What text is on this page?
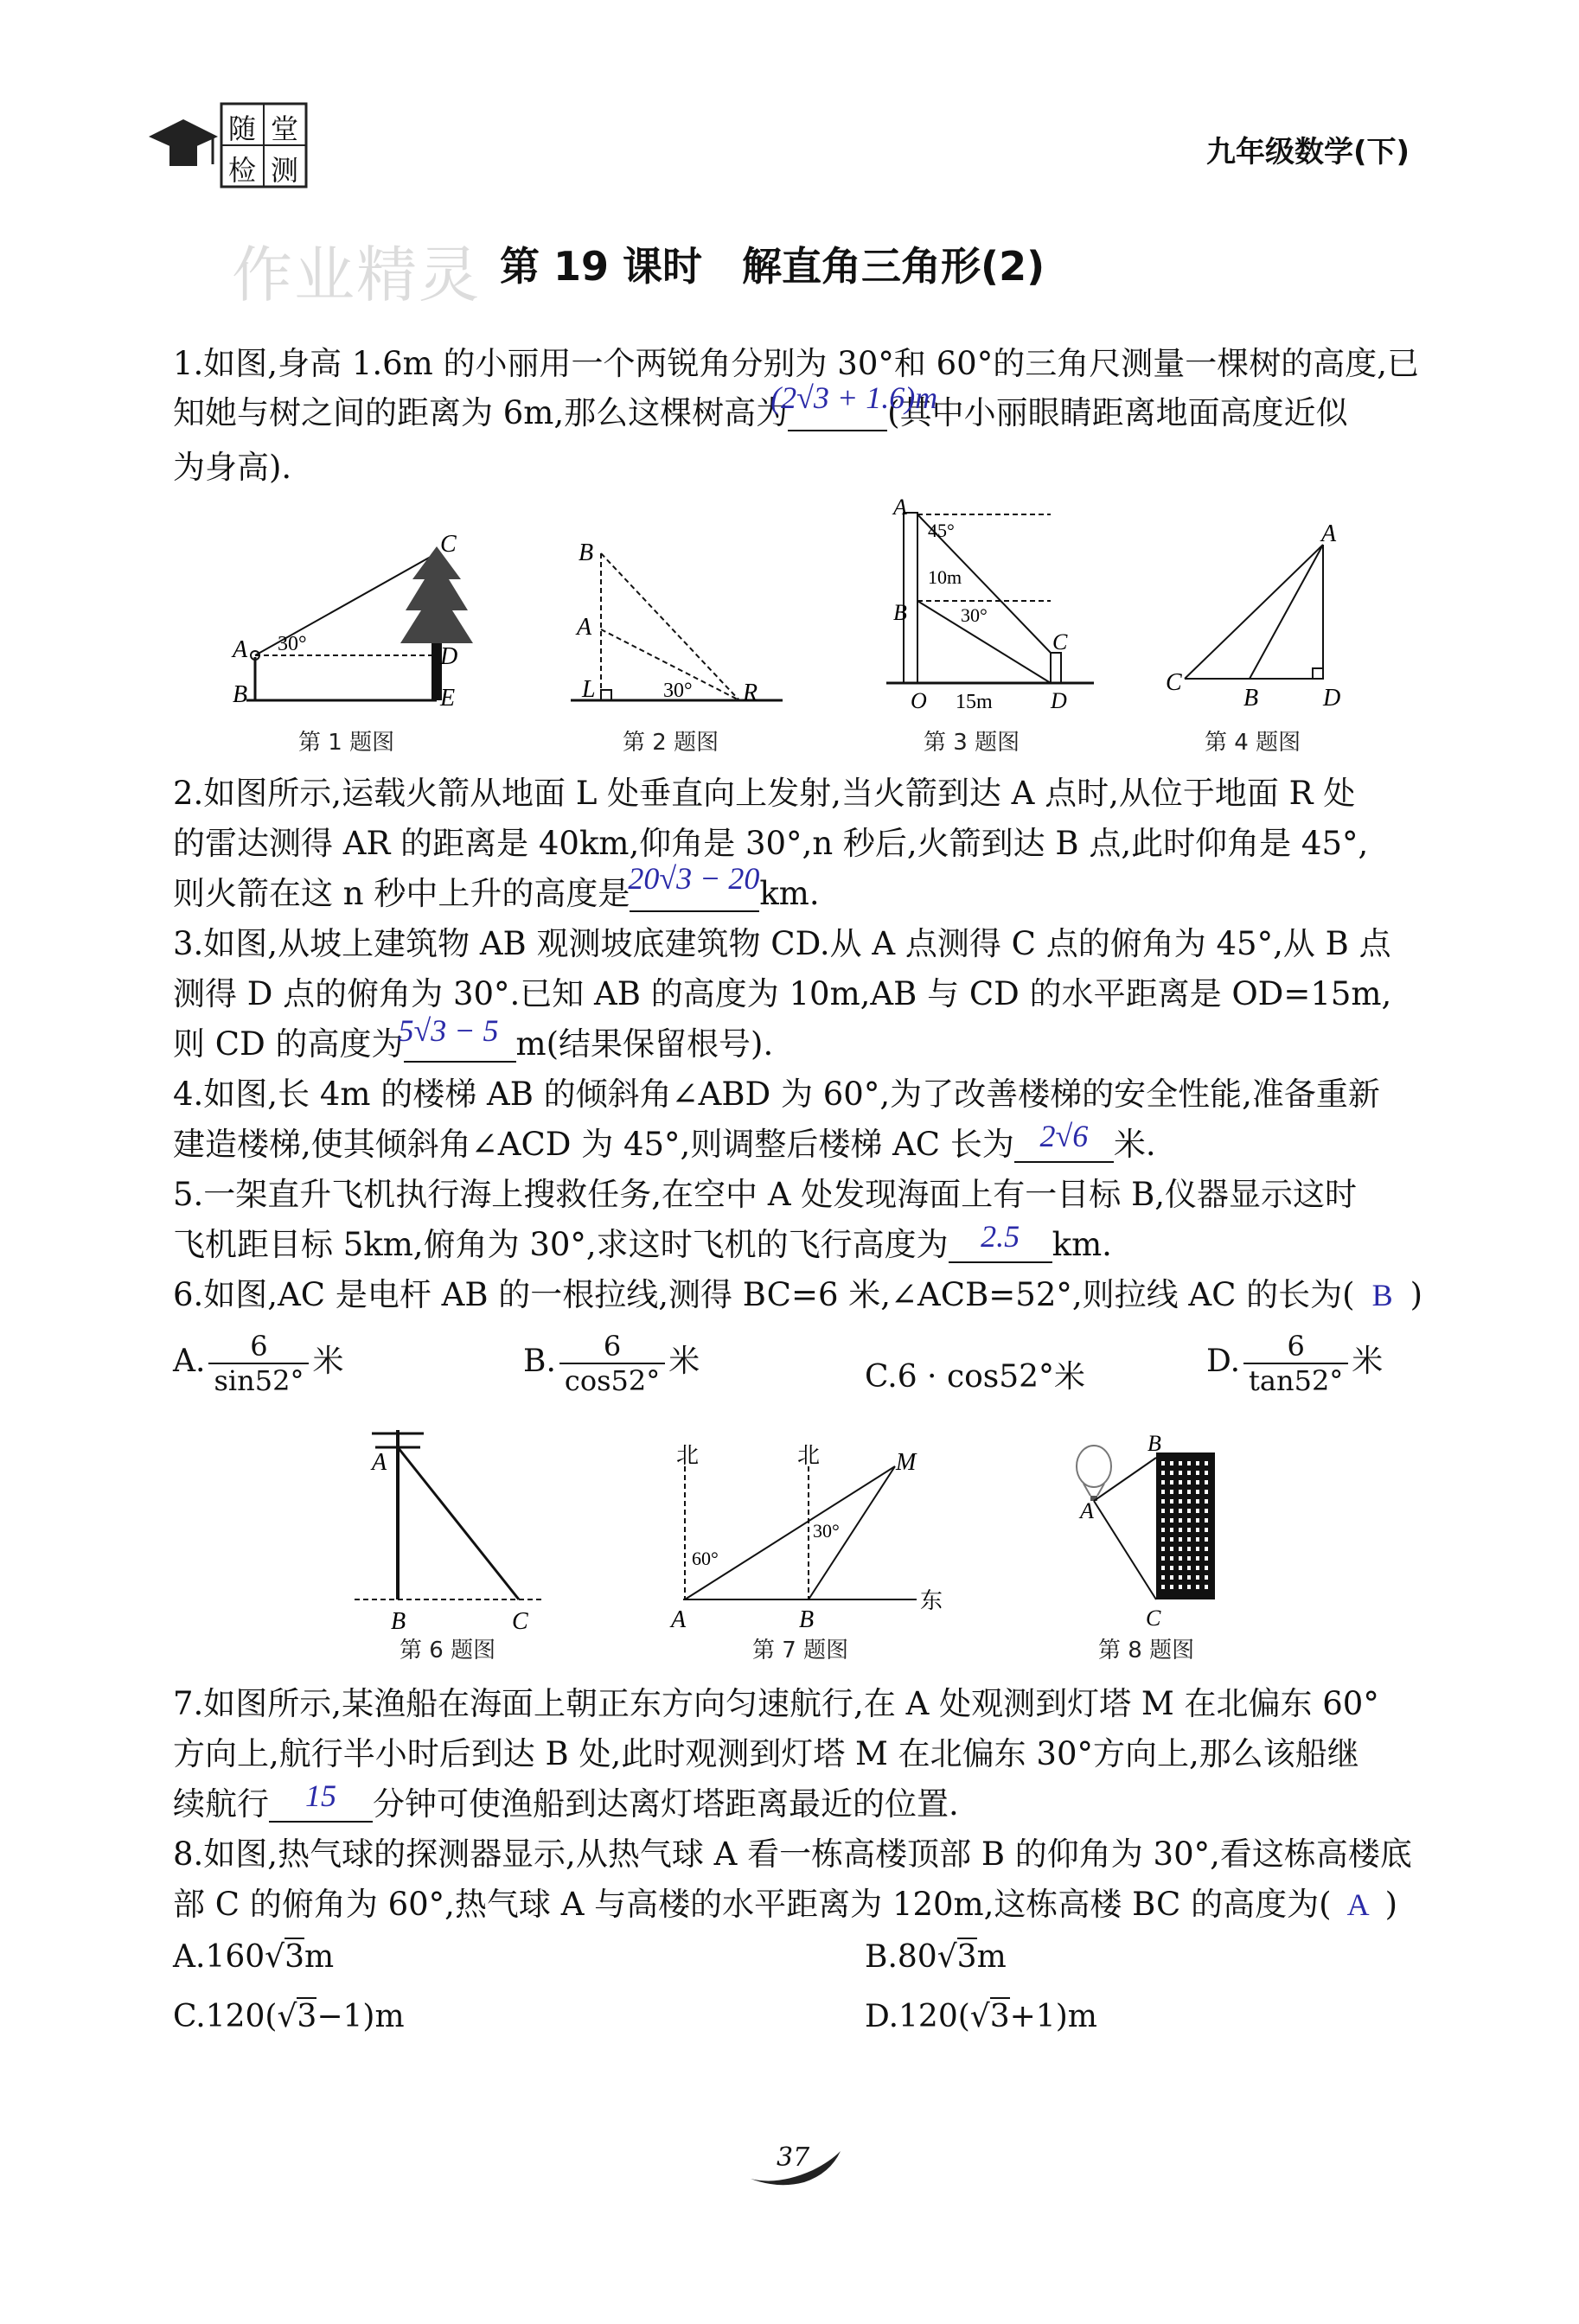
随 堂
检 测
九年级数学(下)
作业精灵 第 19 课时　解直角三角形(2)
1.如图,身高 1.6m 的小丽用一个两锐角分别为 30°和 60°的三角尺测量一棵树的高度,已
知她与树之间的距离为 6m,那么这棵树高为
(2√3 + 1.6)m
(其中小丽眼睛距离地面高度近似
为身高).
A
B
C
D
E
30°
第 1 题图
B
A
L	R
30°
第 2 题图
A
B
C
D
O
45°
30°
10m
15m
第 3 题图
A
C
B	D
第 4 题图
2.如图所示,运载火箭从地面 L 处垂直向上发射,当火箭到达 A 点时,从位于地面 R 处
的雷达测得 AR 的距离是 40km,仰角是 30°,n 秒后,火箭到达 B 点,此时仰角是 45°,
则火箭在这 n 秒中上升的高度是
20√3 − 20 km.
3.如图,从坡上建筑物 AB 观测坡底建筑物 CD.从 A 点测得 C 点的俯角为 45°,从 B 点
测得 D 点的俯角为 30°.已知 AB 的高度为 10m,AB 与 CD 的水平距离是 OD=15m,
则 CD 的高度为
5√3 − 5 m(结果保留根号).
4.如图,长 4m 的楼梯 AB 的倾斜角∠ABD 为 60°,为了改善楼梯的安全性能,准备重新
建造楼梯,使其倾斜角∠ACD 为 45°,则调整后楼梯 AC 长为 2√6 米.
5.一架直升飞机执行海上搜救任务,在空中 A 处发现海面上有一目标 B,仪器显示这时
飞机距目标 5km,俯角为 30°,求这时飞机的飞行高度为 2.5 km.
6.如图,AC 是电杆 AB 的一根拉线,测得 BC=6 米,∠ACB=52°,则拉线 AC 的长为( B )
A. $\frac{6}{\sin 52^\circ}$ 米	B. $\frac{6}{\cos 52^\circ}$ 米	C.6 · cos52°米	D. $\frac{6}{\tan 52^\circ}$ 米
A
B	C
第 6 题图
北	北	M
东
A	B
60°
30°
第 7 题图
A
B
C
第 8 题图
7.如图所示,某渔船在海面上朝正东方向匀速航行,在 A 处观测到灯塔 M 在北偏东 60°
方向上,航行半小时后到达 B 处,此时观测到灯塔 M 在北偏东 30°方向上,那么该船继
续航行 15 分钟可使渔船到达离灯塔距离最近的位置.
8.如图,热气球的探测器显示,从热气球 A 看一栋高楼顶部 B 的仰角为 30°,看这栋高楼底
部 C 的俯角为 60°,热气球 A 与高楼的水平距离为 120m,这栋高楼 BC 的高度为( A )
A.160√3m	B.80√3m
C.120(√3−1)m	D.120(√3+1)m
37
